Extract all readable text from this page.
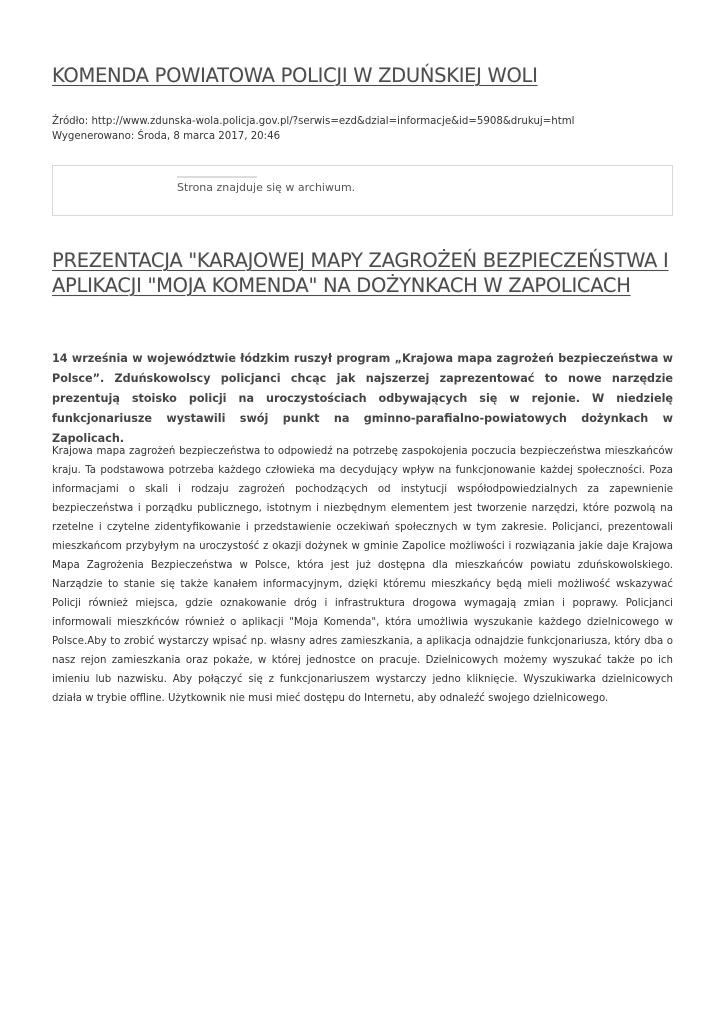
KOMENDA POWIATOWA POLICJI W ZDUŃSKIEJ WOLI
Źródło: http://www.zdunska-wola.policja.gov.pl/?serwis=ezd&dzial=informacje&id=5908&drukuj=html
Wygenerowano: Środa, 8 marca 2017, 20:46
Strona znajduje się w archiwum.
PREZENTACJA "KARAJOWEJ MAPY ZAGROŻEŃ BEZPIECZEŃSTWA I APLIKACJI "MOJA KOMENDA" NA DOŻYNKACH W ZAPOLICACH

14 września w województwie łódzkim ruszył program „Krajowa mapa zagrożeń bezpieczeństwa w Polsce”. Zduńskowolscy policjanci chcąc jak najszerzej zaprezentować to nowe narzędzie prezentują stoisko policji na uroczystościach odbywających się w rejonie. W niedzielę funkcjonariusze wystawili swój punkt na gminno-parafialno-powiatowych dożynkach w Zapolicach.

Krajowa mapa zagrożeń bezpieczeństwa to odpowiedź na potrzebę zaspokojenia poczucia bezpieczeństwa mieszkańców kraju. Ta podstawowa potrzeba każdego człowieka ma decydujący wpływ na funkcjonowanie każdej społeczności. Poza informacjami o skali i rodzaju zagrożeń pochodzących od instytucji współodpowiedzialnych za zapewnienie bezpieczeństwa i porządku publicznego, istotnym i niezbędnym elementem jest tworzenie narzędzi, które pozwolą na rzetelne i czytelne zidentyfikowanie i przedstawienie oczekiwań społecznych w tym zakresie. Policjanci, prezentowali mieszkańcom przybyłym na uroczystość z okazji dożynek w gminie Zapolice możliwości i rozwiązania jakie daje Krajowa Mapa Zagrożenia Bezpieczeństwa w Polsce, która jest już dostępna dla mieszkańców powiatu zduńskowolskiego. Narządzie to stanie się także kanałem informacyjnym, dzięki któremu mieszkańcy będą mieli możliwość wskazywać Policji również miejsca, gdzie oznakowanie dróg i infrastruktura drogowa wymagają zmian i poprawy. Policjanci informowali mieszkńców również o aplikacji "Moja Komenda", która umożliwia wyszukanie każdego dzielnicowego w Polsce.Aby to zrobić wystarczy wpisać np. własny adres zamieszkania, a aplikacja odnajdzie funkcjonariusza, który dba o nasz rejon zamieszkania oraz pokaże, w której jednostce on pracuje. Dzielnicowych możemy wyszukać także po ich imieniu lub nazwisku. Aby połączyć się z funkcjonariuszem wystarczy jedno kliknięcie. Wyszukiwarka dzielnicowych działa w trybie offline. Użytkownik nie musi mieć dostępu do Internetu, aby odnaleźć swojego dzielnicowego.
